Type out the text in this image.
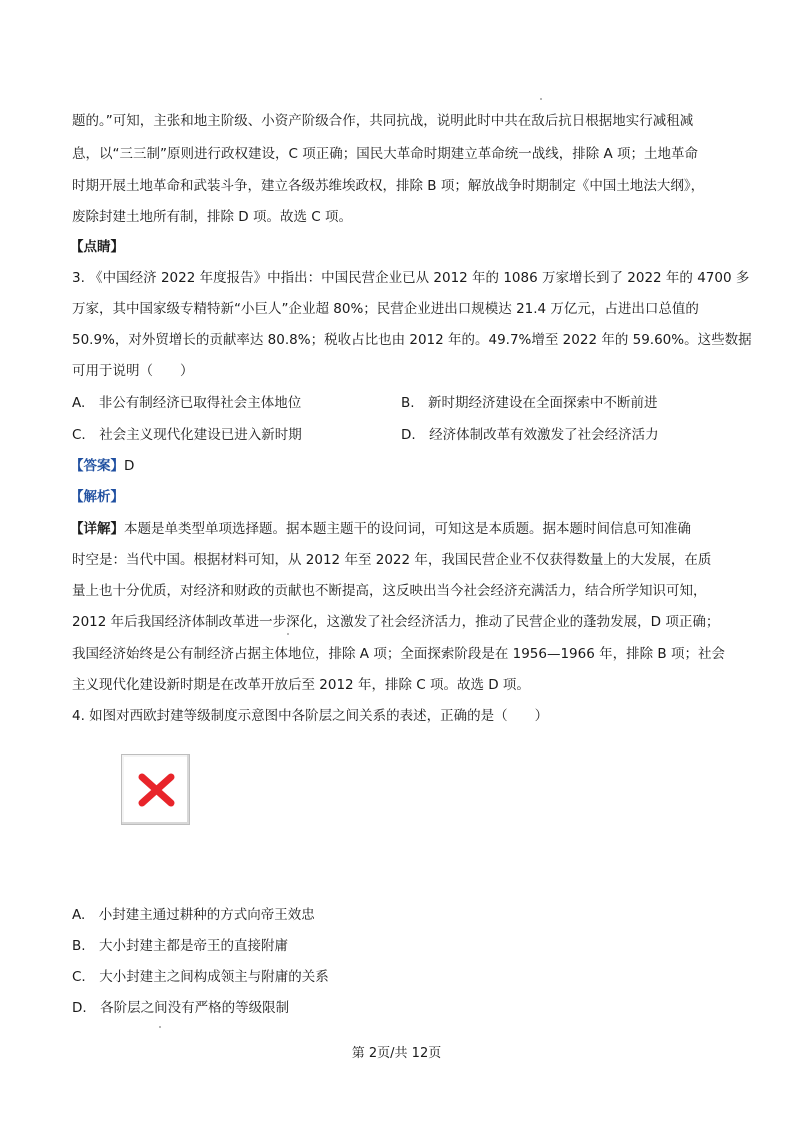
题的。”可知，主张和地主阶级、小资产阶级合作，共同抗战，说明此时中共在敌后抗日根据地实行减租减
息，以“三三制”原则进行政权建设，C 项正确；国民大革命时期建立革命统一战线，排除 A 项；土地革命
时期开展土地革命和武装斗争，建立各级苏维埃政权，排除 B 项；解放战争时期制定《中国土地法大纲》，
废除封建土地所有制，排除 D 项。故选 C 项。
【点睛】
3. 《中国经济 2022 年度报告》中指出：中国民营企业已从 2012 年的 1086 万家增长到了 2022 年的 4700 多
万家，其中国家级专精特新“小巨人”企业超 80%；民营企业进出口规模达 21.4 万亿元，占进出口总值的
50.9%，对外贸增长的贡献率达 80.8%；税收占比也由 2012 年的。49.7%增至 2022 年的 59.60%。这些数据
可用于说明（　　）
A.　非公有制经济已取得社会主体地位	B.　新时期经济建设在全面探索中不断前进
C.　社会主义现代化建设已进入新时期	D.　经济体制改革有效激发了社会经济活力
【答案】D
【解析】
【详解】本题是单类型单项选择题。据本题主题干的设问词，可知这是本质题。据本题时间信息可知准确
时空是：当代中国。根据材料可知，从 2012 年至 2022 年，我国民营企业不仅获得数量上的大发展，在质
量上也十分优质，对经济和财政的贡献也不断提高，这反映出当今社会经济充满活力，结合所学知识可知，
2012 年后我国经济体制改革进一步深化，这激发了社会经济活力，推动了民营企业的蓬勃发展，D 项正确；
我国经济始终是公有制经济占据主体地位，排除 A 项；全面探索阶段是在 1956—1966 年，排除 B 项；社会
主义现代化建设新时期是在改革开放后至 2012 年，排除 C 项。故选 D 项。
4. 如图对西欧封建等级制度示意图中各阶层之间关系的表述，正确的是（　　）
A.　小封建主通过耕种的方式向帝王效忠
B.　大小封建主都是帝王的直接附庸
C.　大小封建主之间构成领主与附庸的关系
D.　各阶层之间没有严格的等级限制
第 2页/共 12页
